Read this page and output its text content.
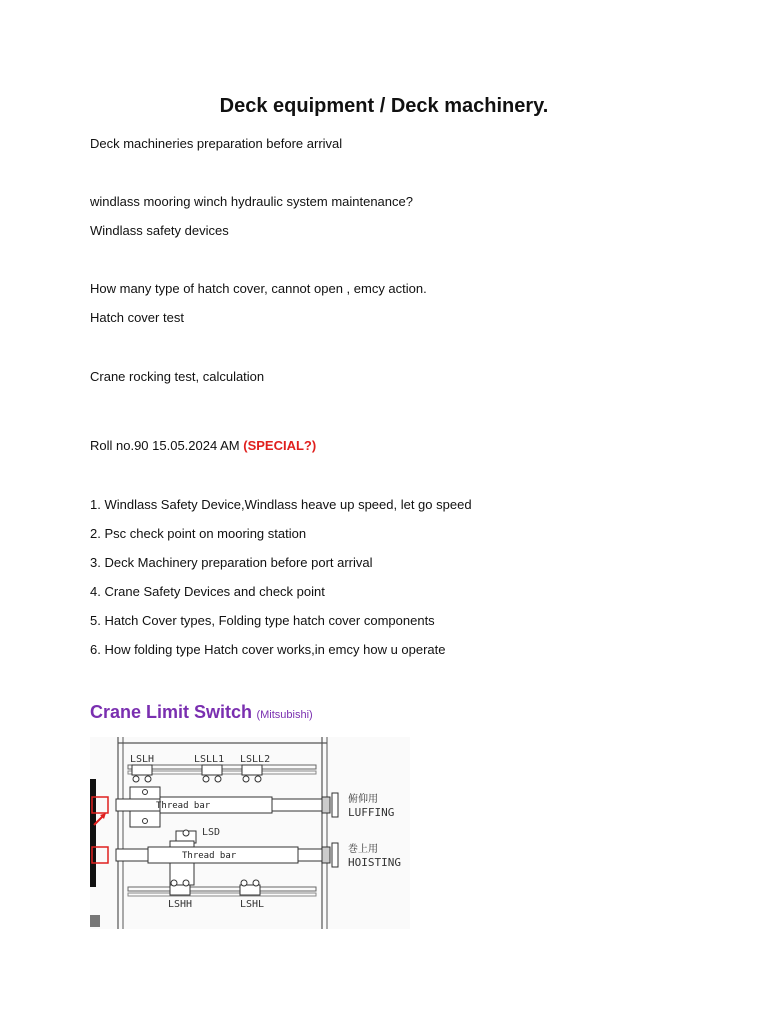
Deck equipment / Deck machinery.
Deck machineries preparation before arrival
windlass mooring winch hydraulic system maintenance?
Windlass safety devices
How many type of hatch cover, cannot open , emcy action.
Hatch cover test
Crane rocking test, calculation
Roll no.90 15.05.2024 AM (SPECIAL?)
1. Windlass Safety Device,Windlass heave up speed, let go speed
2. Psc check point on mooring station
3. Deck Machinery preparation before port arrival
4. Crane Safety Devices and check point
5. Hatch Cover types, Folding type hatch cover components
6. How folding type Hatch cover works,in emcy how u operate
Crane Limit Switch (Mitsubishi)
LSLH	LSLL1 LSLL2
Thread bar
LSD
Thread bar
LSHH	LSHL
俯仰用
LUFFING
巻上用
HOISTING
